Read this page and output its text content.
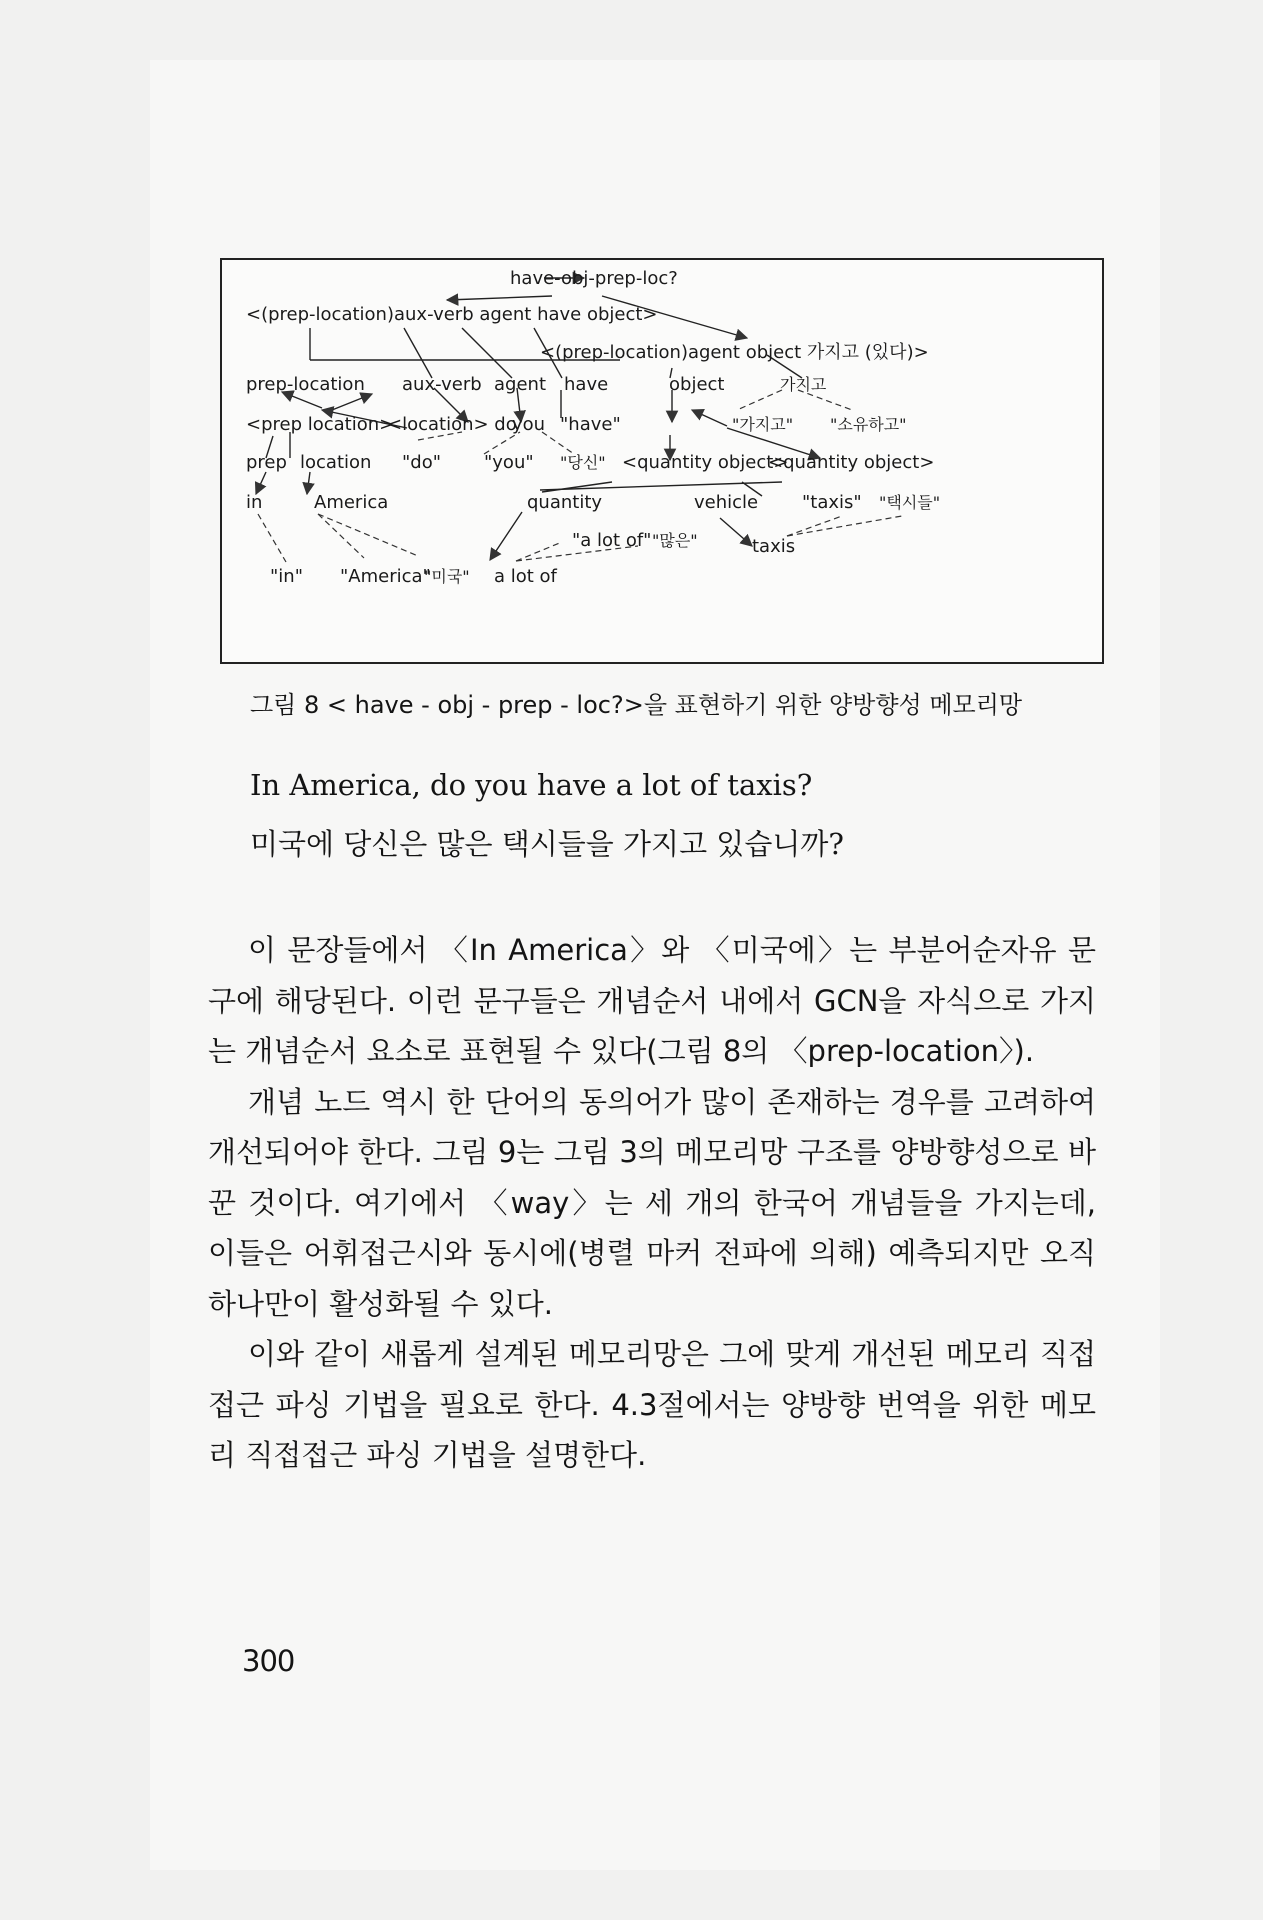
have-obj-prep-loc?
<(prep-location)aux-verb agent have object>
<(prep-location)agent object 가지고 (있다)>
prep-location aux-verb agent have	object	가지고
<prep location>
<location> do
you "have"	"가지고" "소유하고"
prep location "do" "you" "당신" <quantity object>
<quantity object>
in	America	quantity	vehicle "taxis" "택시들"
"a lot of" "많은"	taxis
"in" "America"
"미국" a lot of
그림 8 < have - obj - prep - loc?>을 표현하기 위한 양방향성 메모리망
In America, do you have a lot of taxis?
미국에 당신은 많은 택시들을 가지고 있습니까?

이 문장들에서 〈In America〉와 〈미국에〉는 부분어순자유 문구에 해당된다. 이런 문구들은 개념순서 내에서 GCN을 자식으로 가지는 개념순서 요소로 표현될 수 있다(그림 8의 〈prep-location〉).

개념 노드 역시 한 단어의 동의어가 많이 존재하는 경우를 고려하여 개선되어야 한다. 그림 9는 그림 3의 메모리망 구조를 양방향성으로 바꾼 것이다. 여기에서 〈way〉는 세 개의 한국어 개념들을 가지는데, 이들은 어휘접근시와 동시에(병렬 마커 전파에 의해) 예측되지만 오직 하나만이 활성화될 수 있다.

이와 같이 새롭게 설계된 메모리망은 그에 맞게 개선된 메모리 직접접근 파싱 기법을 필요로 한다. 4.3절에서는 양방향 번역을 위한 메모리 직접접근 파싱 기법을 설명한다.

300
